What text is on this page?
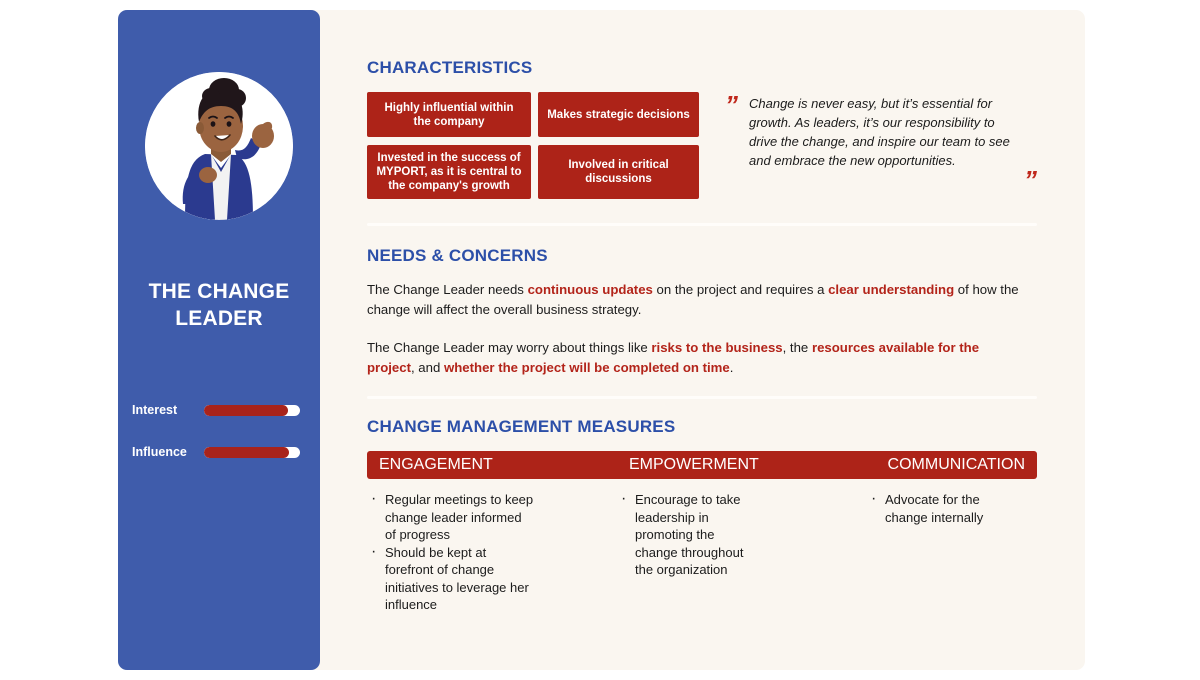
THE CHANGE LEADER
Interest
Influence
CHARACTERISTICS
Highly influential within the company
Makes strategic decisions
Invested in the success of MYPORT, as it is central to the company's growth
Involved in critical discussions
” Change is never easy, but it’s essential for growth. As leaders, it’s our responsibility to drive the change, and inspire our team to see and embrace the new opportunities.
”
NEEDS & CONCERNS

The Change Leader needs continuous updates on the project and requires a clear understanding of how the change will affect the overall business strategy.

The Change Leader may worry about things like risks to the business, the resources available for the project, and whether the project will be completed on time.

CHANGE MANAGEMENT MEASURES
ENGAGEMENT	EMPOWERMENT	COMMUNICATION
· Regular meetings to keep change leader informed of progress
· Should be kept at forefront of change initiatives to leverage her influence
· Encourage to take leadership in promoting the change throughout the organization
· Advocate for the change internally
